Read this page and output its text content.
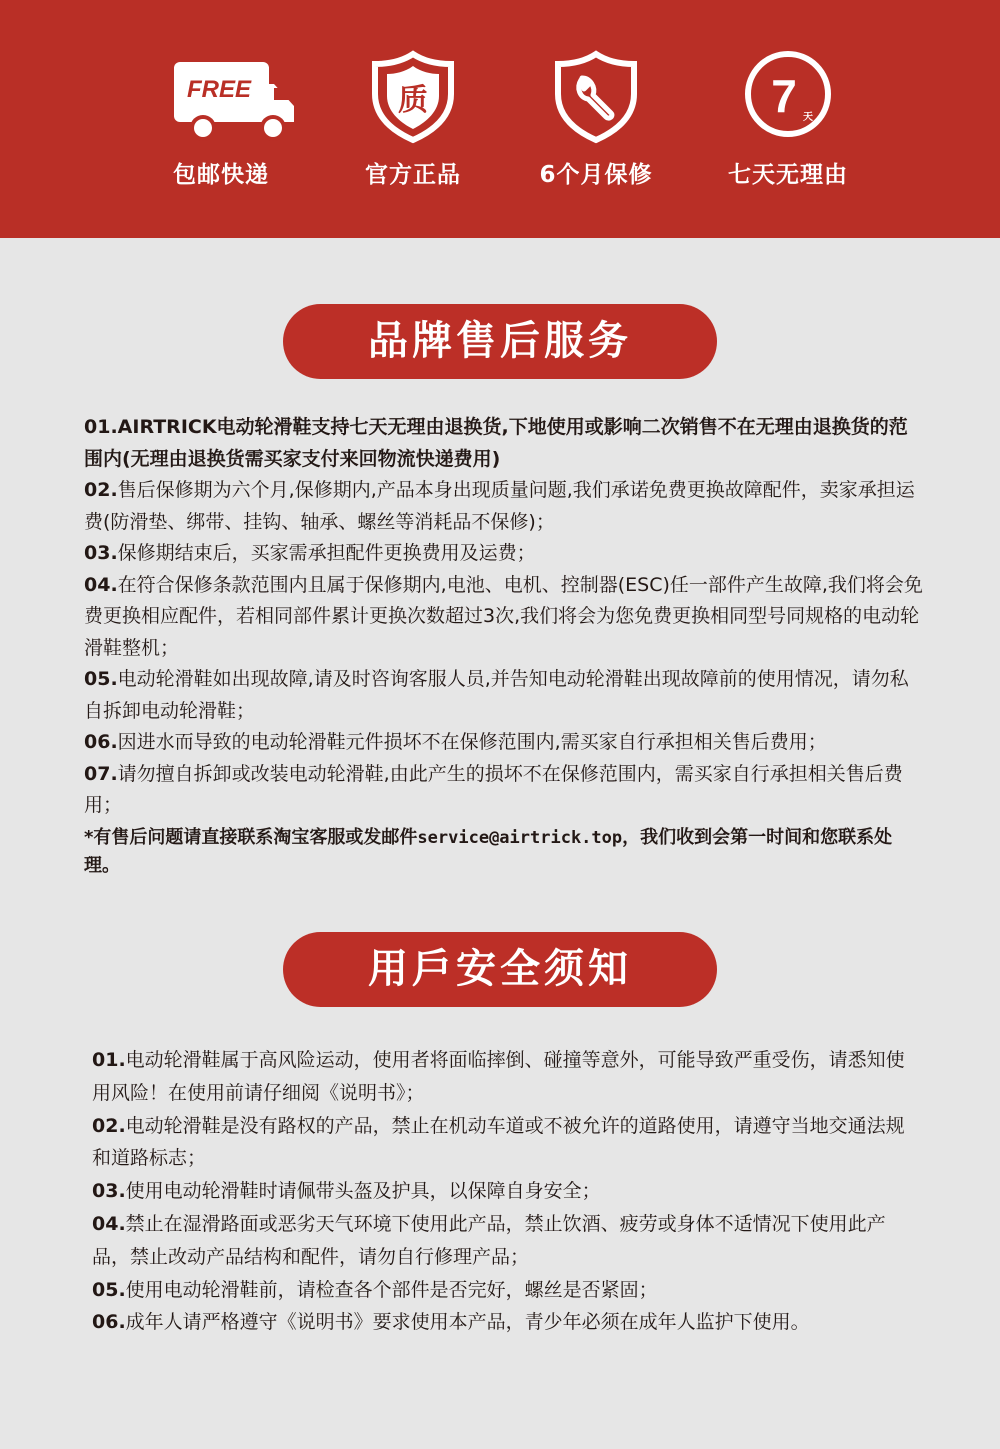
FREE
包邮快递
质
官方正品	6个月保修
7 天
七天无理由
品牌售后服务

01.AIRTRICK电动轮滑鞋支持七天无理由退换货,下地使用或影响二次销售不在无理由退换货的范围内(无理由退换货需买家支付来回物流快递费用)

02.售后保修期为六个月,保修期内,产品本身出现质量问题,我们承诺免费更换故障配件，卖家承担运费(防滑垫、绑带、挂钩、轴承、螺丝等消耗品不保修)；

03.保修期结束后，买家需承担配件更换费用及运费；

04.在符合保修条款范围内且属于保修期内,电池、电机、控制器(ESC)任一部件产生故障,我们将会免费更换相应配件，若相同部件累计更换次数超过3次,我们将会为您免费更换相同型号同规格的电动轮滑鞋整机；

05.电动轮滑鞋如出现故障,请及时咨询客服人员,并告知电动轮滑鞋出现故障前的使用情况，请勿私自拆卸电动轮滑鞋；

06.因进水而导致的电动轮滑鞋元件损坏不在保修范围内,需买家自行承担相关售后费用；

07.请勿擅自拆卸或改装电动轮滑鞋,由此产生的损坏不在保修范围内，需买家自行承担相关售后费用；

*有售后问题请直接联系淘宝客服或发邮件service@airtrick.top，我们收到会第一时间和您联系处理。

用戶安全须知

01.电动轮滑鞋属于高风险运动，使用者将面临摔倒、碰撞等意外，可能导致严重受伤，请悉知使用风险！在使用前请仔细阅《说明书》；

02.电动轮滑鞋是没有路权的产品，禁止在机动车道或不被允许的道路使用，请遵守当地交通法规和道路标志；

03.使用电动轮滑鞋时请佩带头盔及护具，以保障自身安全；

04.禁止在湿滑路面或恶劣天气环境下使用此产品，禁止饮酒、疲劳或身体不适情况下使用此产品，禁止改动产品结构和配件，请勿自行修理产品；

05.使用电动轮滑鞋前，请检查各个部件是否完好，螺丝是否紧固；

06.成年人请严格遵守《说明书》要求使用本产品，青少年必须在成年人监护下使用。
